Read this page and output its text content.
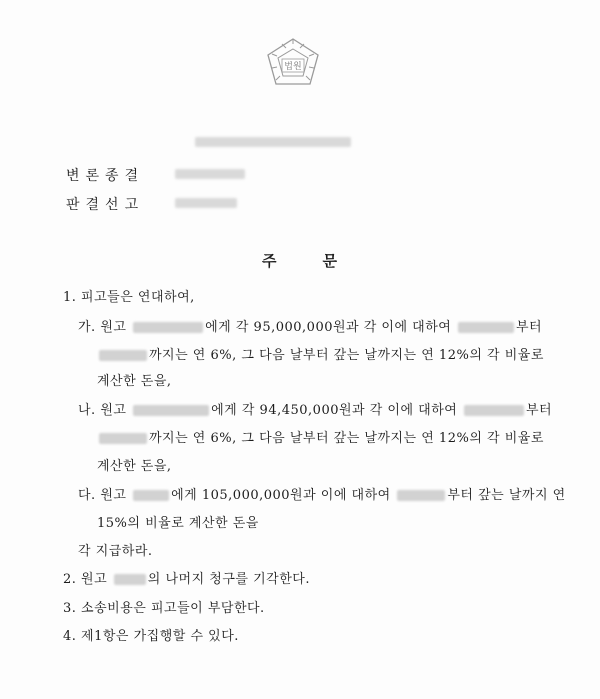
법원
변론종결
판결선고
주	문
1. 피고들은 연대하여,
가. 원고	에게 각 95,000,000원과 각 이에 대하여	부터
까지는 연 6%, 그 다음 날부터 갚는 날까지는 연 12%의 각 비율로
계산한 돈을,
나. 원고	에게 각 94,450,000원과 각 이에 대하여	부터
까지는 연 6%, 그 다음 날부터 갚는 날까지는 연 12%의 각 비율로
계산한 돈을,
다. 원고	에게 105,000,000원과 이에 대하여	부터 갚는 날까지 연
15%의 비율로 계산한 돈을
각 지급하라.
2. 원고	의 나머지 청구를 기각한다.
3. 소송비용은 피고들이 부담한다.
4. 제1항은 가집행할 수 있다.
